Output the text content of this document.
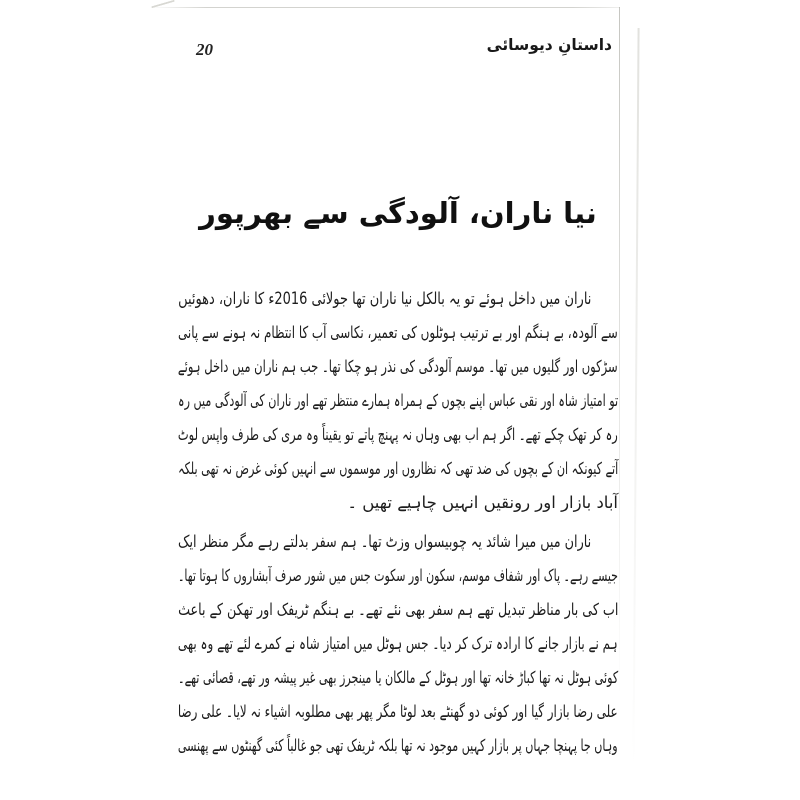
20	داستانِ دیوسائی
نیا ناران، آلودگی سے بھرپور
ناران میں داخل ہوئے تو یہ بالکل نیا ناران تھا جولائی 2016ء کا ناران، دھوئیں
سے آلودہ، بے ہنگم اور بے ترتیب ہوٹلوں کی تعمیر، نکاسی آب کا انتظام نہ ہونے سے پانی
سڑکوں اور گلیوں میں تھا۔ موسم آلودگی کی نذر ہو چکا تھا۔ جب ہم ناران میں داخل ہوئے
تو امتیاز شاہ اور نقی عباس اپنے بچوں کے ہمراہ ہمارے منتظر تھے اور ناران کی آلودگی میں رہ
رہ کر تھک چکے تھے۔ اگر ہم اب بھی وہاں نہ پہنچ پاتے تو یقیناً وہ مری کی طرف واپس لوٹ
آتے کیونکہ ان کے بچوں کی ضد تھی کہ نظاروں اور موسموں سے انہیں کوئی غرض نہ تھی بلکہ
آباد بازار اور رونقیں انہیں چاہیے تھیں ۔
ناران میں میرا شائد یہ چوبیسواں وزٹ تھا۔ ہم سفر بدلتے رہے مگر منظر ایک
جیسے رہے۔ پاک اور شفاف موسم، سکون اور سکوت جس میں شور صرف آبشاروں کا ہوتا تھا۔
اب کی بار مناظر تبدیل تھے ہم سفر بھی نئے تھے۔ بے ہنگم ٹریفک اور تھکن کے باعث
ہم نے بازار جانے کا ارادہ ترک کر دیا۔ جس ہوٹل میں امتیاز شاہ نے کمرے لئے تھے وہ بھی
کوئی ہوٹل نہ تھا کباڑ خانہ تھا اور ہوٹل کے مالکان یا مینجرز بھی غیر پیشہ ور تھے، قصائی تھے۔
علی رضا بازار گیا اور کوئی دو گھنٹے بعد لوٹا مگر پھر بھی مطلوبہ اشیاء نہ لایا۔ علی رضا
وہاں جا پہنچا جہاں پر بازار کہیں موجود نہ تھا بلکہ ٹریفک تھی جو غالباً کئی گھنٹوں سے پھنسی
